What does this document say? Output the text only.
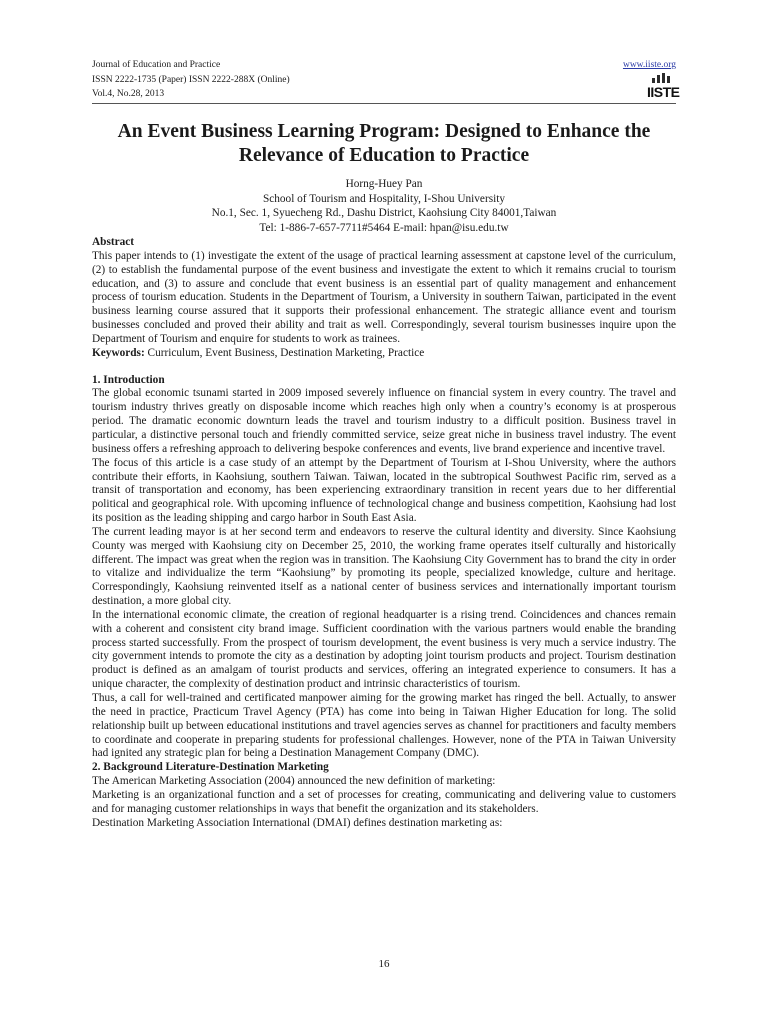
Journal of Education and Practice
ISSN 2222-1735 (Paper) ISSN 2222-288X (Online)
Vol.4, No.28, 2013
www.iiste.org
IISTE
An Event Business Learning Program: Designed to Enhance the
Relevance of Education to Practice
Horng-Huey Pan
School of Tourism and Hospitality, I-Shou University
No.1, Sec. 1, Syuecheng Rd., Dashu District, Kaohsiung City 84001,Taiwan
Tel: 1-886-7-657-7711#5464 E-mail: hpan@isu.edu.tw

Abstract

This paper intends to (1) investigate the extent of the usage of practical learning assessment at capstone level of the curriculum, (2) to establish the fundamental purpose of the event business and investigate the extent to which it remains crucial to tourism education, and (3) to assure and conclude that event business is an essential part of quality management and enhancement process of tourism education. Students in the Department of Tourism, a University in southern Taiwan, participated in the event business learning course assured that it supports their professional enhancement. The strategic alliance event and tourism businesses concluded and proved their ability and trait as well. Correspondingly, several tourism businesses inquire upon the Department of Tourism and enquire for students to work as trainees.

Keywords: Curriculum, Event Business, Destination Marketing, Practice

1. Introduction

The global economic tsunami started in 2009 imposed severely influence on financial system in every country. The travel and tourism industry thrives greatly on disposable income which reaches high only when a country’s economy is at prosperous period. The dramatic economic downturn leads the travel and tourism industry to a difficult position. Business travel in particular, a distinctive personal touch and friendly committed service, seize great niche in business travel industry. The event business offers a refreshing approach to delivering bespoke conferences and events, live brand experience and incentive travel.

The focus of this article is a case study of an attempt by the Department of Tourism at I-Shou University, where the authors contribute their efforts, in Kaohsiung, southern Taiwan. Taiwan, located in the subtropical Southwest Pacific rim, served as a transit of transportation and economy, has been experiencing extraordinary transition in recent years due to her differential political and geographical role. With upcoming influence of technological change and business competition, Kaohsiung had lost its position as the leading shipping and cargo harbor in South East Asia.

The current leading mayor is at her second term and endeavors to reserve the cultural identity and diversity. Since Kaohsiung County was merged with Kaohsiung city on December 25, 2010, the working frame operates itself culturally and historically different. The impact was great when the region was in transition. The Kaohsiung City Government has to brand the city in order to vitalize and individualize the term “Kaohsiung” by promoting its people, specialized knowledge, culture and heritage. Correspondingly, Kaohsiung reinvented itself as a national center of business services and internationally important tourism destination, a more global city.

In the international economic climate, the creation of regional headquarter is a rising trend. Coincidences and chances remain with a coherent and consistent city brand image. Sufficient coordination with the various partners would enable the branding process started successfully. From the prospect of tourism development, the event business is very much a service industry. The city government intends to promote the city as a destination by adopting joint tourism products and project. Tourism destination product is defined as an amalgam of tourist products and services, offering an integrated experience to consumers. It has a unique character, the complexity of destination product and intrinsic characteristics of tourism.

Thus, a call for well-trained and certificated manpower aiming for the growing market has ringed the bell. Actually, to answer the need in practice, Practicum Travel Agency (PTA) has come into being in Taiwan Higher Education for long. The solid relationship built up between educational institutions and travel agencies serves as channel for practitioners and faculty members to coordinate and cooperate in preparing students for professional challenges. However, none of the PTA in Taiwan University had ignited any strategic plan for being a Destination Management Company (DMC).

2. Background Literature-Destination Marketing

The American Marketing Association (2004) announced the new definition of marketing:

Marketing is an organizational function and a set of processes for creating, communicating and delivering value to customers and for managing customer relationships in ways that benefit the organization and its stakeholders.

Destination Marketing Association International (DMAI) defines destination marketing as:

16
